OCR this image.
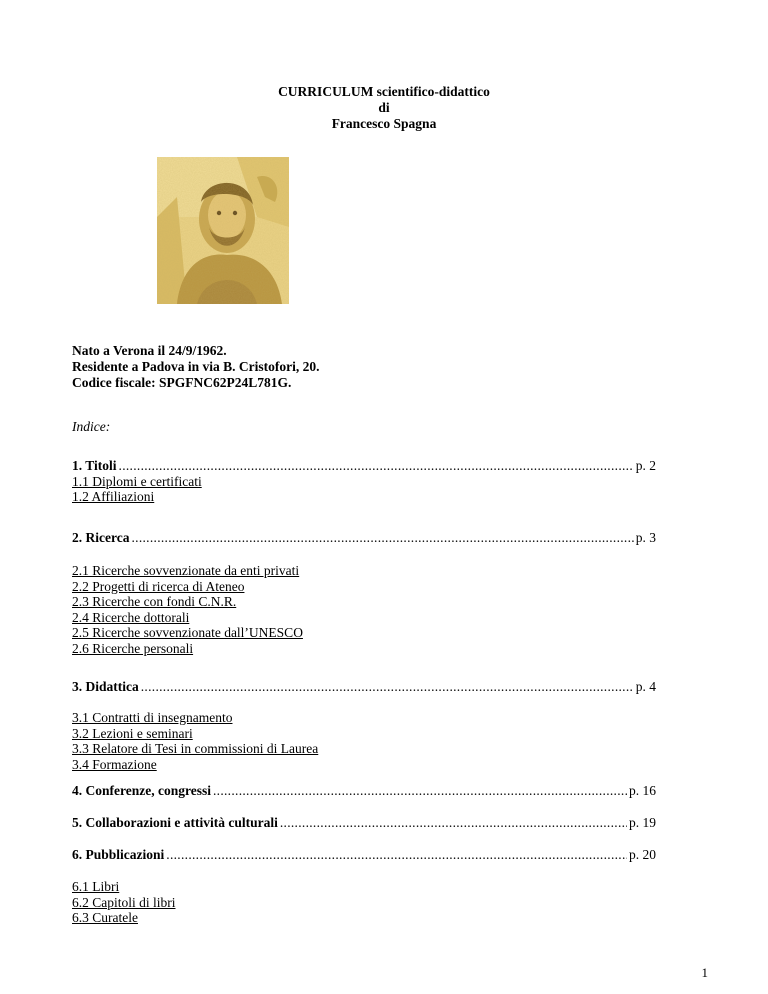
CURRICULUM scientifico-didattico
di
Francesco Spagna
Nato a Verona il 24/9/1962.
Residente a Padova in via B. Cristofori, 20.
Codice fiscale: SPGFNC62P24L781G.
Indice:
1. Titoli .....	p. 2
1.1 Diplomi e certificati
1.2 Affiliazioni
2. Ricerca .....	p. 3
2.1 Ricerche sovvenzionate da enti privati
2.2 Progetti di ricerca di Ateneo
2.3 Ricerche con fondi C.N.R.
2.4 Ricerche dottorali
2.5 Ricerche sovvenzionate dall’UNESCO
2.6 Ricerche personali
3. Didattica .....	p. 4
3.1 Contratti di insegnamento
3.2 Lezioni e seminari
3.3 Relatore di Tesi in commissioni di Laurea
3.4 Formazione
4. Conferenze, congressi .....	p. 16
5. Collaborazioni e attività culturali .....	p. 19
6. Pubblicazioni .....	p. 20
6.1 Libri
6.2 Capitoli di libri
6.3 Curatele
1
